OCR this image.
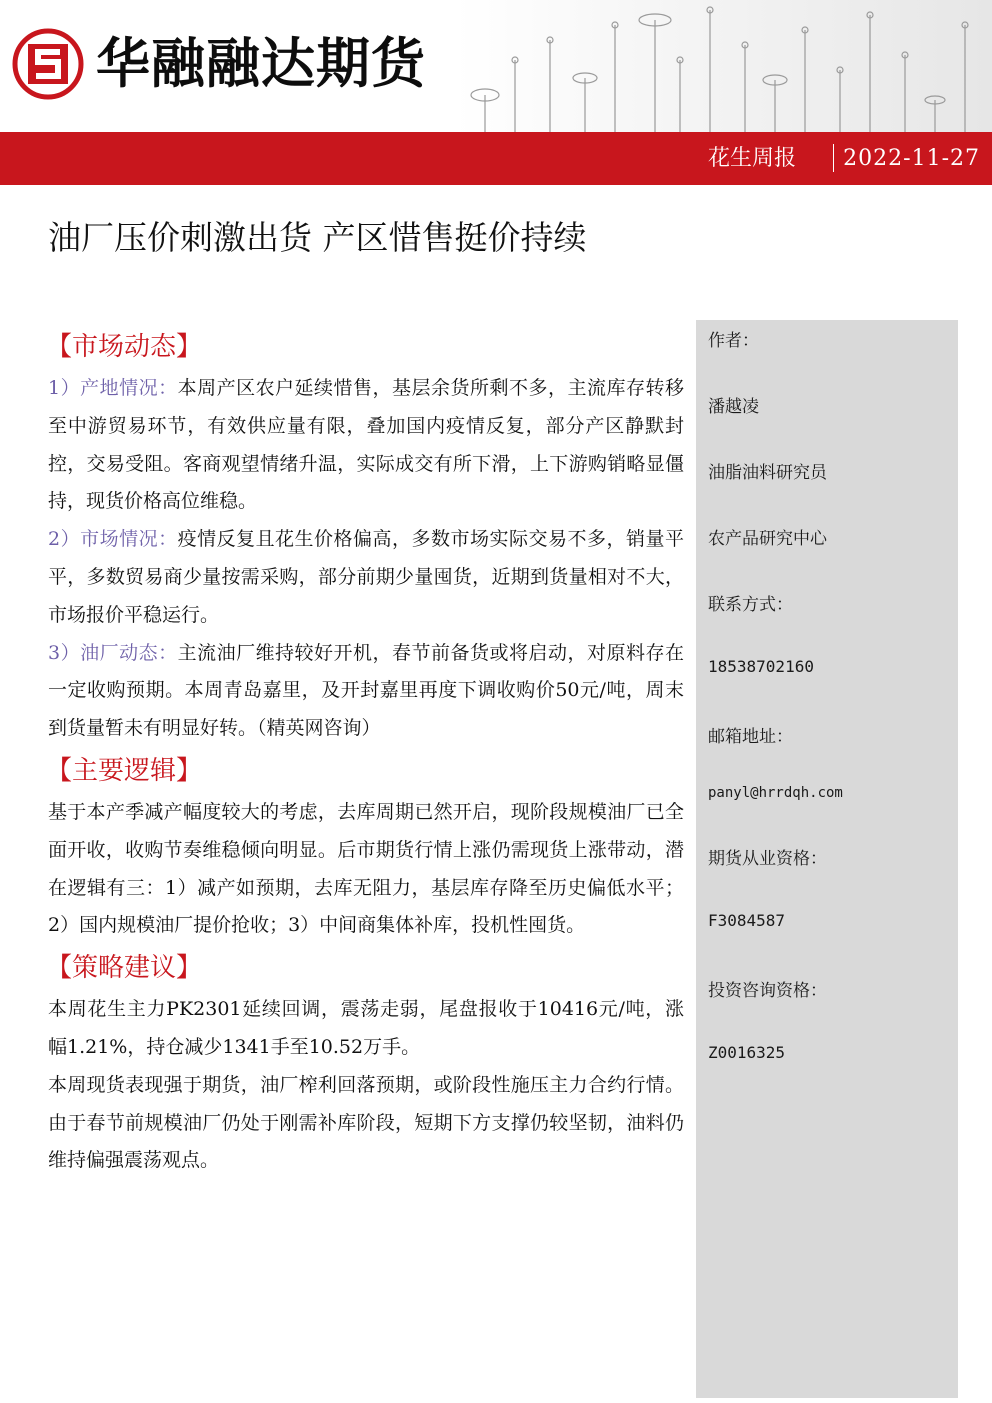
华融融达期货
花生周报 2022-11-27
油厂压价刺激出货 产区惜售挺价持续
【市场动态】

1）产地情况：本周产区农户延续惜售，基层余货所剩不多，主流库存转移至中游贸易环节，有效供应量有限，叠加国内疫情反复，部分产区静默封控，交易受阻。客商观望情绪升温，实际成交有所下滑，上下游购销略显僵持，现货价格高位维稳。

2）市场情况：疫情反复且花生价格偏高，多数市场实际交易不多，销量平平，多数贸易商少量按需采购，部分前期少量囤货，近期到货量相对不大，市场报价平稳运行。

3）油厂动态：主流油厂维持较好开机，春节前备货或将启动，对原料存在一定收购预期。本周青岛嘉里，及开封嘉里再度下调收购价50元/吨，周末到货量暂未有明显好转。（精英网咨询）

【主要逻辑】

基于本产季减产幅度较大的考虑，去库周期已然开启，现阶段规模油厂已全面开收，收购节奏维稳倾向明显。后市期货行情上涨仍需现货上涨带动，潜在逻辑有三：1）减产如预期，去库无阻力，基层库存降至历史偏低水平；2）国内规模油厂提价抢收；3）中间商集体补库，投机性囤货。

【策略建议】

本周花生主力PK2301延续回调，震荡走弱，尾盘报收于10416元/吨，涨幅1.21%，持仓减少1341手至10.52万手。

本周现货表现强于期货，油厂榨利回落预期，或阶段性施压主力合约行情。由于春节前规模油厂仍处于刚需补库阶段，短期下方支撑仍较坚韧，油料仍维持偏强震荡观点。

作者：
潘越凌
油脂油料研究员
农产品研究中心
联系方式：
18538702160
邮箱地址：
panyl@hrrdqh.com
期货从业资格：
F3084587
投资咨询资格：
Z0016325
